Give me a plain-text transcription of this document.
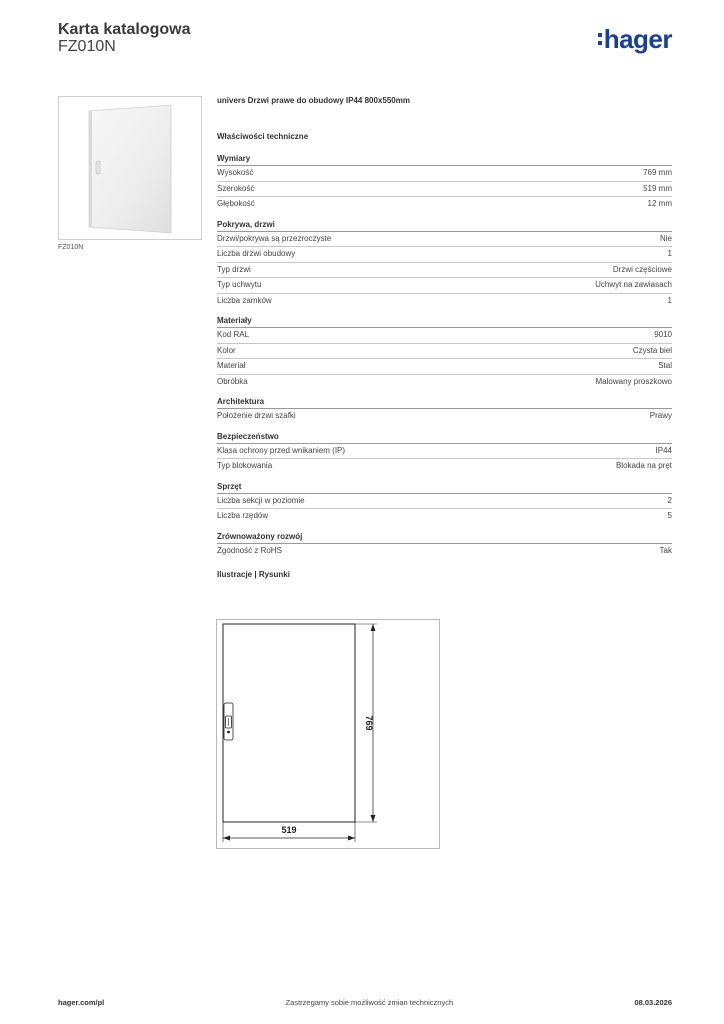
Karta katalogowa
FZ010N	hager
FZ010N
univers Drzwi prawe do obudowy IP44 800x550mm
Właściwości techniczne
Wymiary
Wysokość	769 mm
Szerokość	519 mm
Głębokość	12 mm
Pokrywa, drzwi
Drzwi/pokrywa są przezroczyste	Nie
Liczba drzwi obudowy	1
Typ drzwi	Drzwi częściowe
Typ uchwytu	Uchwyt na zawiasach
Liczba zamków	1
Materiały
Kod RAL	9010
Kolor	Czysta biel
Materiał	Stal
Obróbka	Malowany proszkowo
Architektura
Położenie drzwi szafki	Prawy
Bezpieczeństwo
Klasa ochrony przed wnikaniem (IP)	IP44
Typ blokowania	Blokada na pręt
Sprzęt
Liczba sekcji w poziomie	2
Liczba rzędów	5
Zrównoważony rozwój
Zgodność z RoHS	Tak
Ilustracje | Rysunki
769
519
hager.com/pl	Zastrzegamy sobie możliwość zmian technicznych	08.03.2026
